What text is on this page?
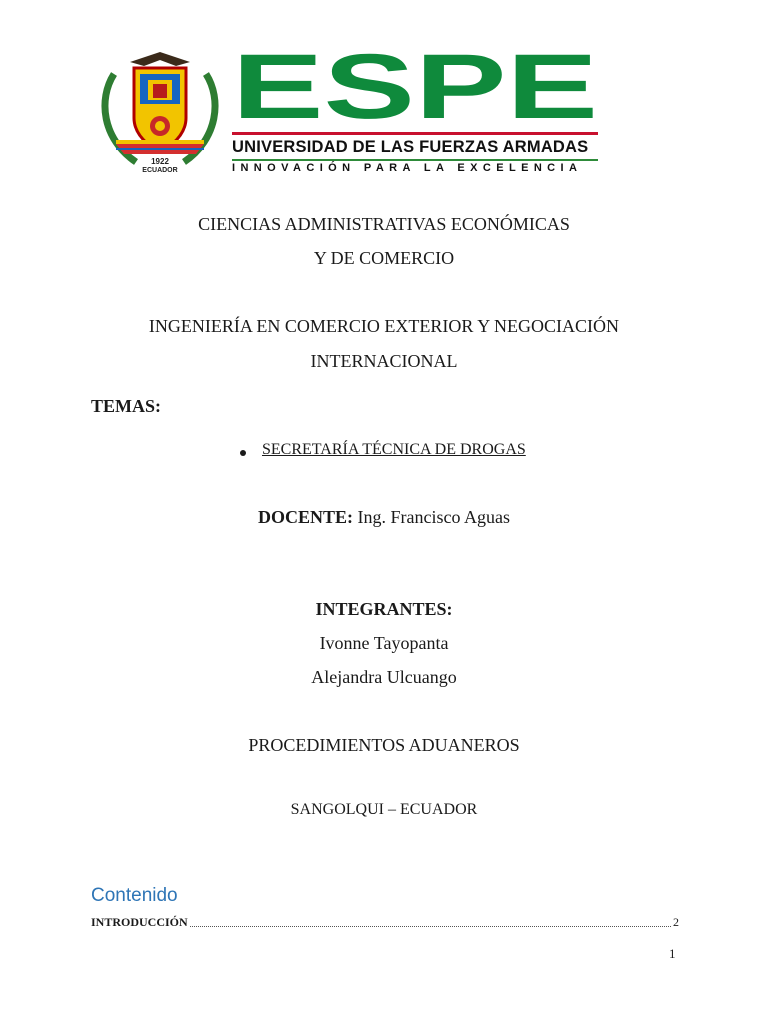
1922
ECUADOR
ESPE
UNIVERSIDAD DE LAS FUERZAS ARMADAS
INNOVACIÓN PARA LA EXCELENCIA
CIENCIAS ADMINISTRATIVAS ECONÓMICAS
Y DE COMERCIO
INGENIERÍA EN COMERCIO EXTERIOR Y NEGOCIACIÓN
INTERNACIONAL
TEMAS:
SECRETARÍA TÉCNICA DE DROGAS
DOCENTE: Ing. Francisco Aguas
INTEGRANTES:
Ivonne Tayopanta
Alejandra Ulcuango
PROCEDIMIENTOS ADUANEROS
SANGOLQUI – ECUADOR
Contenido
INTRODUCCIÓN	2
1
